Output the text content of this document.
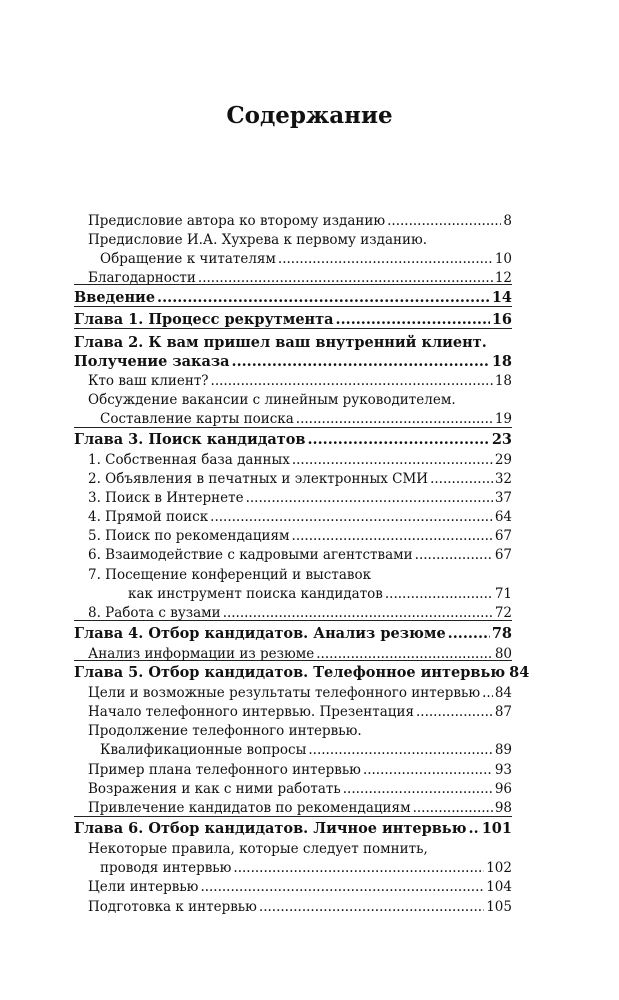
Содержание
Предисловие автора ко второму изданию .....	8
Предисловие И.А. Хухрева к первому изданию.
Обращение к читателям .....	10
Благодарности .....	12
Введение .....	14
Глава 1. Процесс рекрутмента .....	16
Глава 2. К вам пришел ваш внутренний клиент.
Получение заказа .....	18
Кто ваш клиент? .....	18
Обсуждение вакансии с линейным руководителем.
Составление карты поиска .....	19
Глава 3. Поиск кандидатов .....	23
1. Собственная база данных .....	29
2. Объявления в печатных и электронных СМИ .....	32
3. Поиск в Интернете .....	37
4. Прямой поиск .....	64
5. Поиск по рекомендациям .....	67
6. Взаимодействие с кадровыми агентствами .....	67
7. Посещение конференций и выставок
как инструмент поиска кандидатов .....	71
8. Работа с вузами .....	72
Глава 4. Отбор кандидатов. Анализ резюме .....	78
Анализ информации из резюме .....	80
Глава 5. Отбор кандидатов. Телефонное интервью 84
Цели и возможные результаты телефонного интервью ..... 84
Начало телефонного интервью. Презентация .....	87
Продолжение телефонного интервью.
Квалификационные вопросы .....	89
Пример плана телефонного интервью .....	93
Возражения и как с ними работать .....	96
Привлечение кандидатов по рекомендациям .....	98
Глава 6. Отбор кандидатов. Личное интервью ..... 101
Некоторые правила, которые следует помнить,
проводя интервью .....	102
Цели интервью .....	104
Подготовка к интервью .....	105
